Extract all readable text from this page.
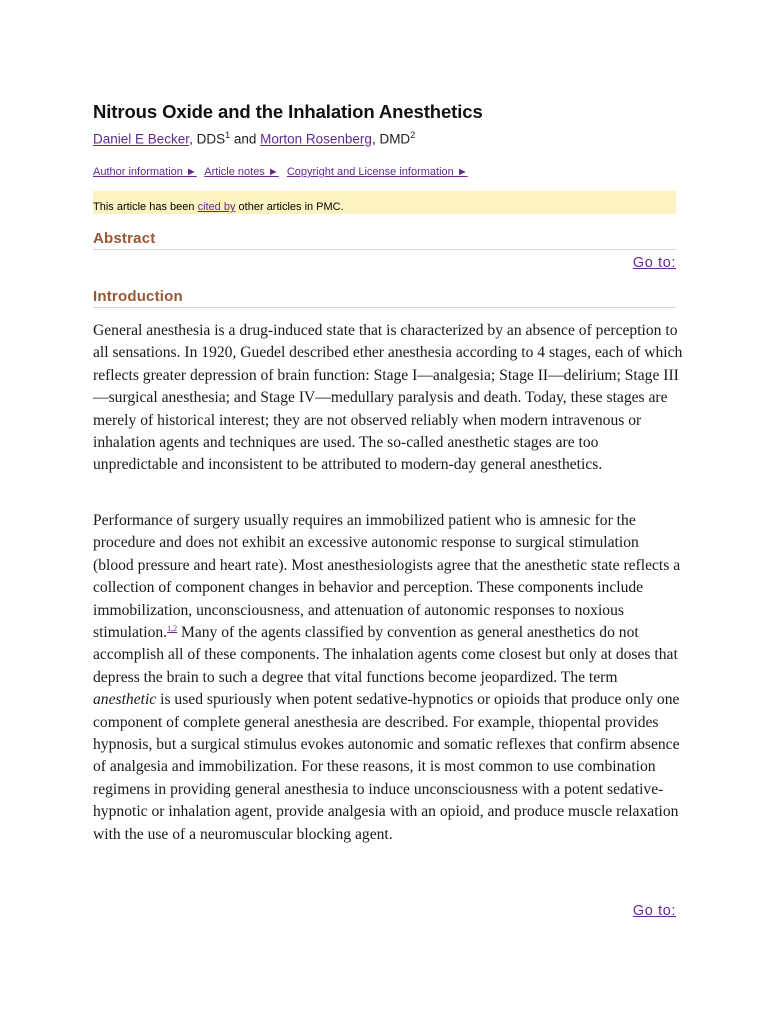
Nitrous Oxide and the Inhalation Anesthetics
Daniel E Becker, DDS$^1$ and Morton Rosenberg, DMD$^2$
Author information ► Article notes ► Copyright and License information ►
This article has been cited by other articles in PMC.
Abstract
Go to:
Introduction

General anesthesia is a drug-induced state that is characterized by an absence of perception to all sensations. In 1920, Guedel described ether anesthesia according to 4 stages, each of which reflects greater depression of brain function: Stage I—analgesia; Stage II—delirium; Stage III—surgical anesthesia; and Stage IV—medullary paralysis and death. Today, these stages are merely of historical interest; they are not observed reliably when modern intravenous or inhalation agents and techniques are used. The so-called anesthetic stages are too unpredictable and inconsistent to be attributed to modern-day general anesthetics.

Performance of surgery usually requires an immobilized patient who is amnesic for the procedure and does not exhibit an excessive autonomic response to surgical stimulation (blood pressure and heart rate). Most anesthesiologists agree that the anesthetic state reflects a collection of component changes in behavior and perception. These components include immobilization, unconsciousness, and attenuation of autonomic responses to noxious stimulation.$^{1,2}$ Many of the agents classified by convention as general anesthetics do not accomplish all of these components. The inhalation agents come closest but only at doses that depress the brain to such a degree that vital functions become jeopardized. The term anesthetic is used spuriously when potent sedative-hypnotics or opioids that produce only one component of complete general anesthesia are described. For example, thiopental provides hypnosis, but a surgical stimulus evokes autonomic and somatic reflexes that confirm absence of analgesia and immobilization. For these reasons, it is most common to use combination regimens in providing general anesthesia to induce unconsciousness with a potent sedative-hypnotic or inhalation agent, provide analgesia with an opioid, and produce muscle relaxation with the use of a neuromuscular blocking agent.

Go to:
